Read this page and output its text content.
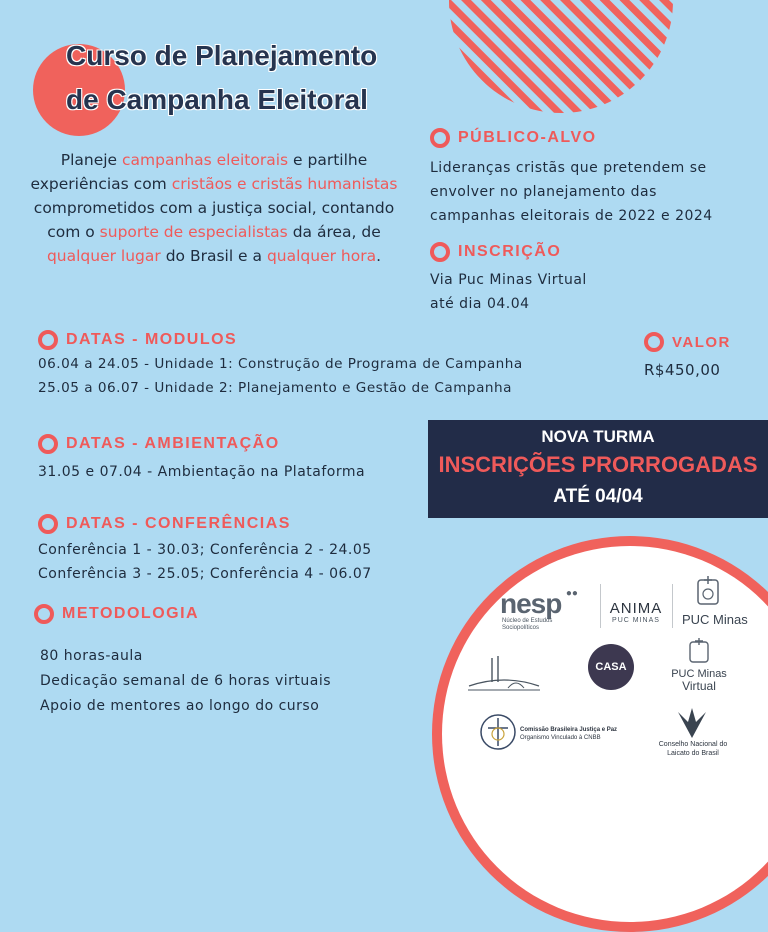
Curso de Planejamento
de Campanha Eleitoral
Planeje campanhas eleitorais e partilhe experiências com cristãos e cristãs humanistas comprometidos com a justiça social, contando com o suporte de especialistas da área, de qualquer lugar do Brasil e a qualquer hora.
PÚBLICO-ALVO
Lideranças cristãs que pretendem se
envolver no planejamento das
campanhas eleitorais de 2022 e 2024
INSCRIÇÃO
Via Puc Minas Virtual
até dia 04.04
DATAS - MODULOS
06.04 a 24.05 - Unidade 1: Construção de Programa de Campanha
25.05 a 06.07 - Unidade 2: Planejamento e Gestão de Campanha
VALOR
R$450,00
DATAS - AMBIENTAÇÃO
31.05 e 07.04 - Ambientação na Plataforma
NOVA TURMA
INSCRIÇÕES PRORROGADAS
ATÉ 04/04
DATAS - CONFERÊNCIAS
Conferência 1 - 30.03; Conferência 2 - 24.05
Conferência 3 - 25.05; Conferência 4 - 06.07
METODOLOGIA
80 horas-aula
Dedicação semanal de 6 horas virtuais
Apoio de mentores ao longo do curso
nesp ●●
Núcleo de Estudos
Sociopolíticos
ANIMA
PUC MINAS	PUC Minas
CASA
PUC Minas
Virtual
Comissão Brasileira Justiça e Paz
Organismo Vinculado à CNBB
Conselho Nacional do
Laicato do Brasil
